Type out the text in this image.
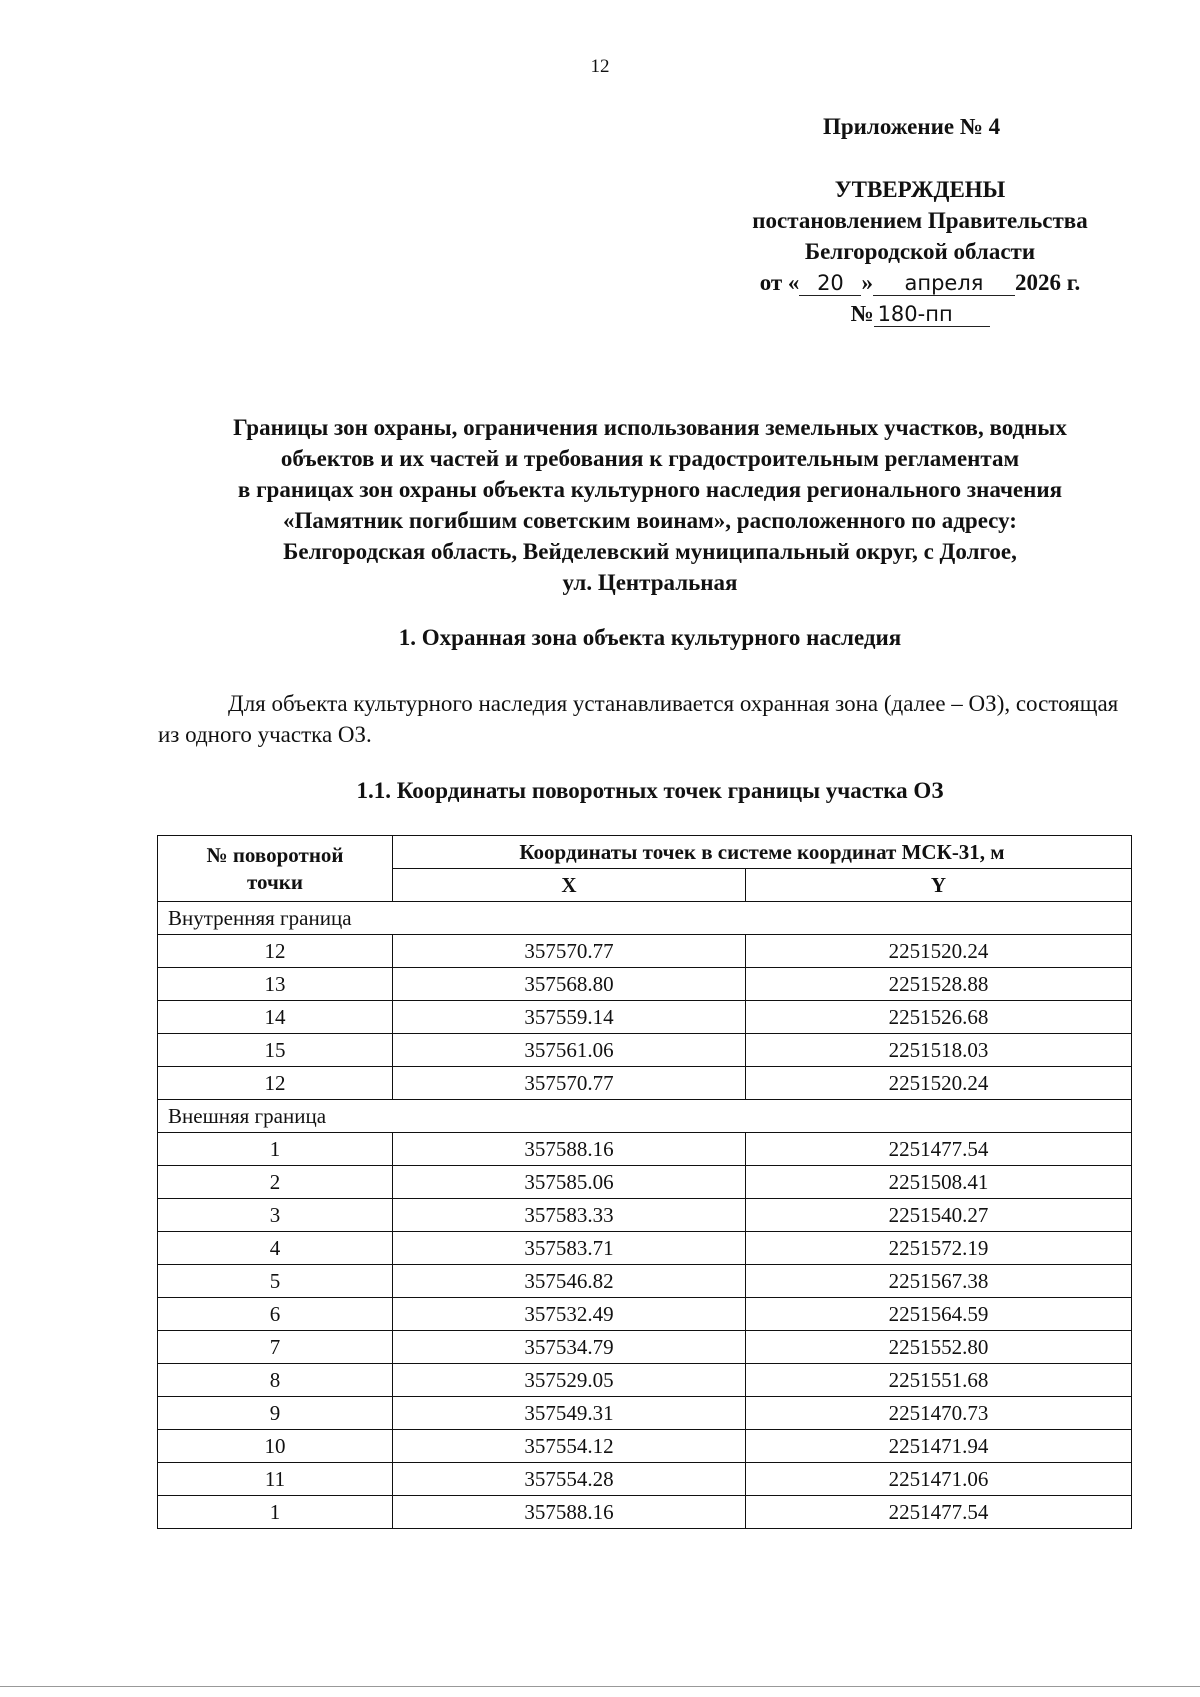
12
Приложение № 4
УТВЕРЖДЕНЫ
постановлением Правительства
Белгородской области
от « 20 » апреля 2026 г.
№ 180-пп
Границы зон охраны, ограничения использования земельных участков, водных
объектов и их частей и требования к градостроительным регламентам
в границах зон охраны объекта культурного наследия регионального значения
«Памятник погибшим советским воинам», расположенного по адресу:
Белгородская область, Вейделевский муниципальный округ, с Долгое,
ул. Центральная
1. Охранная зона объекта культурного наследия
Для объекта культурного наследия устанавливается охранная зона (далее – ОЗ), состоящая из одного участка ОЗ.
1.1. Координаты поворотных точек границы участка ОЗ
№ поворотной
точки	Координаты точек в системе координат МСК-31, м	
	X	Y
Внутренняя граница		
12	357570.77	2251520.24
13	357568.80	2251528.88
14	357559.14	2251526.68
15	357561.06	2251518.03
12	357570.77	2251520.24
Внешняя граница		
1	357588.16	2251477.54
2	357585.06	2251508.41
3	357583.33	2251540.27
4	357583.71	2251572.19
5	357546.82	2251567.38
6	357532.49	2251564.59
7	357534.79	2251552.80
8	357529.05	2251551.68
9	357549.31	2251470.73
10	357554.12	2251471.94
11	357554.28	2251471.06
1	357588.16	2251477.54
